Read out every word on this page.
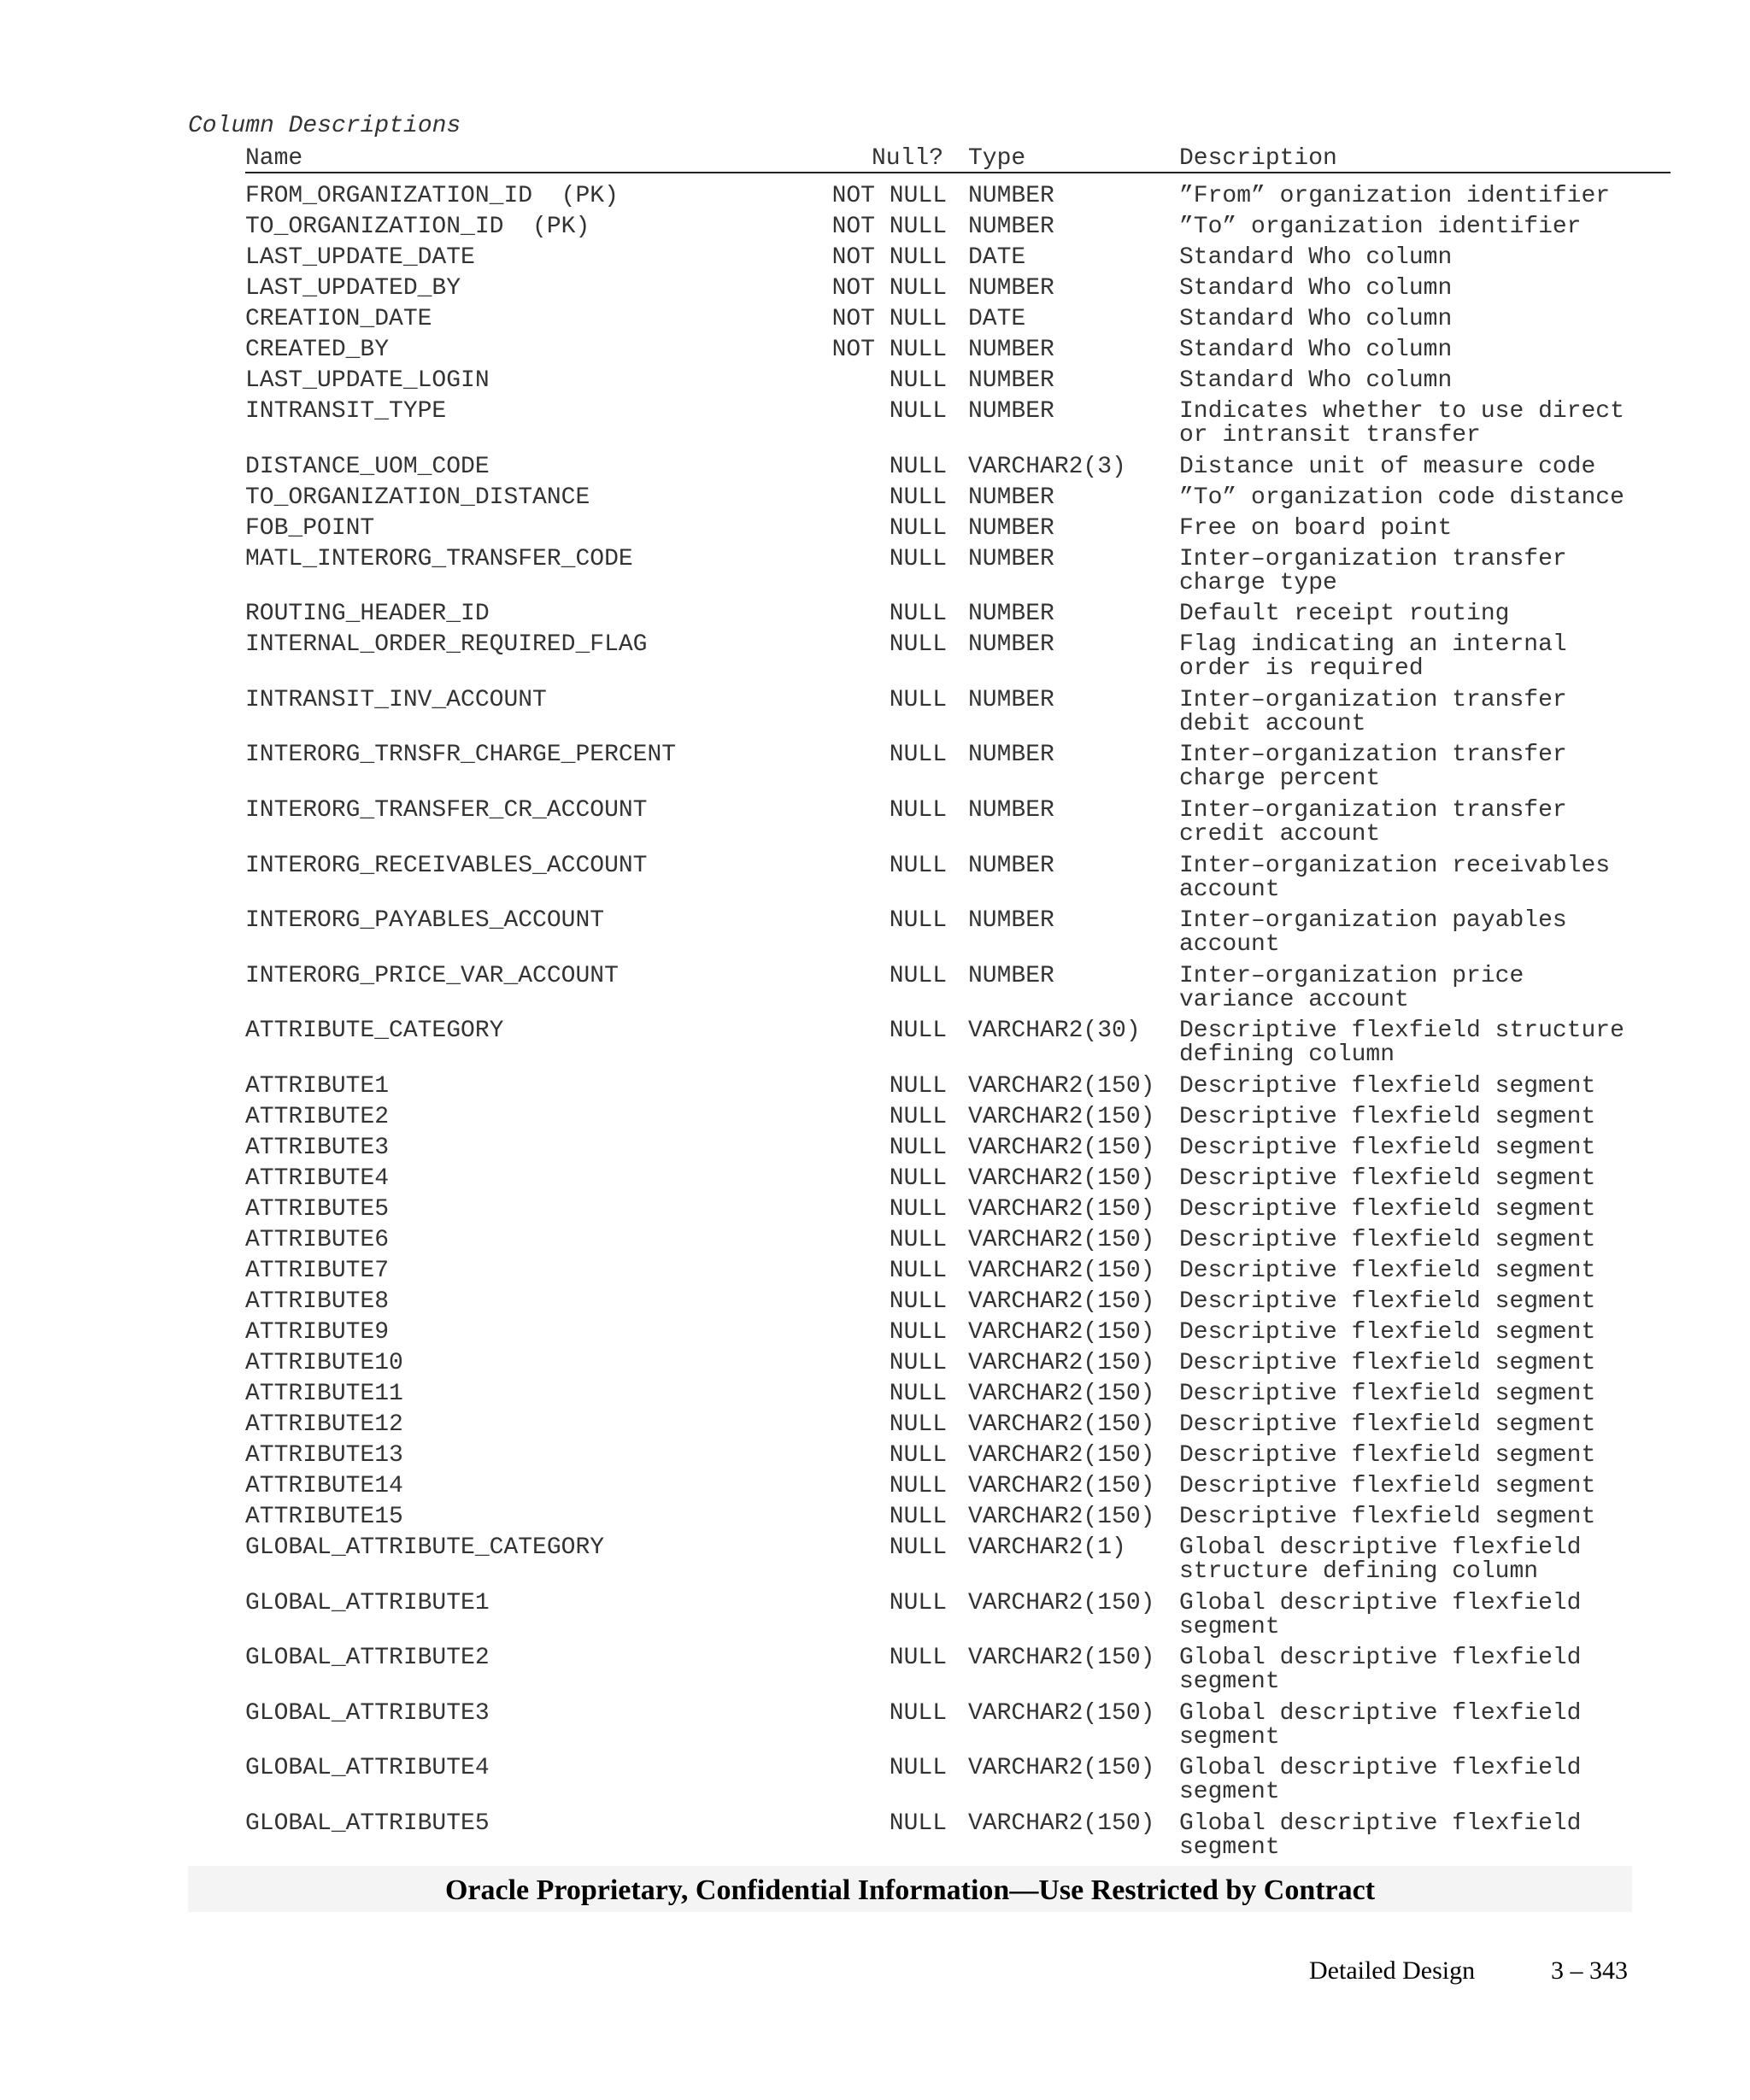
Column Descriptions
Name	Null? Type	Description
FROM_ORGANIZATION_ID  (PK)	NOT NULL NUMBER	”From” organization identifier
TO_ORGANIZATION_ID  (PK)	NOT NULL NUMBER	”To” organization identifier
LAST_UPDATE_DATE	NOT NULL DATE	Standard Who column
LAST_UPDATED_BY	NOT NULL NUMBER	Standard Who column
CREATION_DATE	NOT NULL DATE	Standard Who column
CREATED_BY	NOT NULL NUMBER	Standard Who column
LAST_UPDATE_LOGIN	NULL NUMBER	Standard Who column
INTRANSIT_TYPE	NULL NUMBER	Indicates whether to use direct
or intransit transfer
DISTANCE_UOM_CODE	NULL VARCHAR2(3) Distance unit of measure code
TO_ORGANIZATION_DISTANCE	NULL NUMBER	”To” organization code distance
FOB_POINT	NULL NUMBER	Free on board point
MATL_INTERORG_TRANSFER_CODE	NULL NUMBER	Inter–organization transfer
charge type
ROUTING_HEADER_ID	NULL NUMBER	Default receipt routing
INTERNAL_ORDER_REQUIRED_FLAG	NULL NUMBER	Flag indicating an internal
order is required
INTRANSIT_INV_ACCOUNT	NULL NUMBER	Inter–organization transfer
debit account
INTERORG_TRNSFR_CHARGE_PERCENT	NULL NUMBER	Inter–organization transfer
charge percent
INTERORG_TRANSFER_CR_ACCOUNT	NULL NUMBER	Inter–organization transfer
credit account
INTERORG_RECEIVABLES_ACCOUNT	NULL NUMBER	Inter–organization receivables
account
INTERORG_PAYABLES_ACCOUNT	NULL NUMBER	Inter–organization payables
account
INTERORG_PRICE_VAR_ACCOUNT	NULL NUMBER	Inter–organization price
variance account
ATTRIBUTE_CATEGORY	NULL VARCHAR2(30) Descriptive flexfield structure
defining column
ATTRIBUTE1	NULL VARCHAR2(150) Descriptive flexfield segment
ATTRIBUTE2	NULL VARCHAR2(150) Descriptive flexfield segment
ATTRIBUTE3	NULL VARCHAR2(150) Descriptive flexfield segment
ATTRIBUTE4	NULL VARCHAR2(150) Descriptive flexfield segment
ATTRIBUTE5	NULL VARCHAR2(150) Descriptive flexfield segment
ATTRIBUTE6	NULL VARCHAR2(150) Descriptive flexfield segment
ATTRIBUTE7	NULL VARCHAR2(150) Descriptive flexfield segment
ATTRIBUTE8	NULL VARCHAR2(150) Descriptive flexfield segment
ATTRIBUTE9	NULL VARCHAR2(150) Descriptive flexfield segment
ATTRIBUTE10	NULL VARCHAR2(150) Descriptive flexfield segment
ATTRIBUTE11	NULL VARCHAR2(150) Descriptive flexfield segment
ATTRIBUTE12	NULL VARCHAR2(150) Descriptive flexfield segment
ATTRIBUTE13	NULL VARCHAR2(150) Descriptive flexfield segment
ATTRIBUTE14	NULL VARCHAR2(150) Descriptive flexfield segment
ATTRIBUTE15	NULL VARCHAR2(150) Descriptive flexfield segment
GLOBAL_ATTRIBUTE_CATEGORY	NULL VARCHAR2(1) Global descriptive flexfield
structure defining column
GLOBAL_ATTRIBUTE1	NULL VARCHAR2(150) Global descriptive flexfield
segment
GLOBAL_ATTRIBUTE2	NULL VARCHAR2(150) Global descriptive flexfield
segment
GLOBAL_ATTRIBUTE3	NULL VARCHAR2(150) Global descriptive flexfield
segment
GLOBAL_ATTRIBUTE4	NULL VARCHAR2(150) Global descriptive flexfield
segment
GLOBAL_ATTRIBUTE5	NULL VARCHAR2(150) Global descriptive flexfield
segment
Oracle Proprietary, Confidential Information––Use Restricted by Contract
Detailed Design	3 – 343
